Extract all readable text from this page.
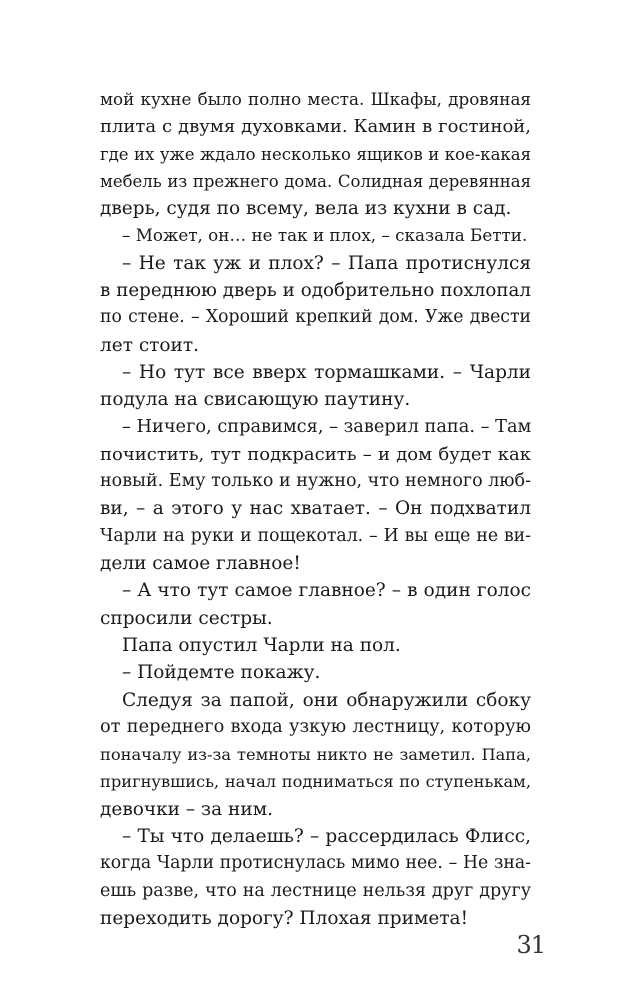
мой кухне было полно места. Шкафы, дровяная
плита с двумя духовками. Камин в гостиной,
где их уже ждало несколько ящиков и кое-какая
мебель из прежнего дома. Солидная деревянная
дверь, судя по всему, вела из кухни в сад.
– Может, он… не так и плох, – сказала Бетти.
– Не так уж и плох? – Папа протиснулся
в переднюю дверь и одобрительно похлопал
по стене. – Хороший крепкий дом. Уже двести
лет стоит.
– Но тут все вверх тормашками. – Чарли
подула на свисающую паутину.
– Ничего, справимся, – заверил папа. – Там
почистить, тут подкрасить – и дом будет как
новый. Ему только и нужно, что немного люб-
ви, – а этого у нас хватает. – Он подхватил
Чарли на руки и пощекотал. – И вы еще не ви-
дели самое главное!
– А что тут самое главное? – в один голос
спросили сестры.
Папа опустил Чарли на пол.
– Пойдемте покажу.
Следуя за папой, они обнаружили сбоку
от переднего входа узкую лестницу, которую
поначалу из-за темноты никто не заметил. Папа,
пригнувшись, начал подниматься по ступенькам,
девочки – за ним.
– Ты что делаешь? – рассердилась Флисс,
когда Чарли протиснулась мимо нее. – Не зна-
ешь разве, что на лестнице нельзя друг другу
переходить дорогу? Плохая примета!
31
